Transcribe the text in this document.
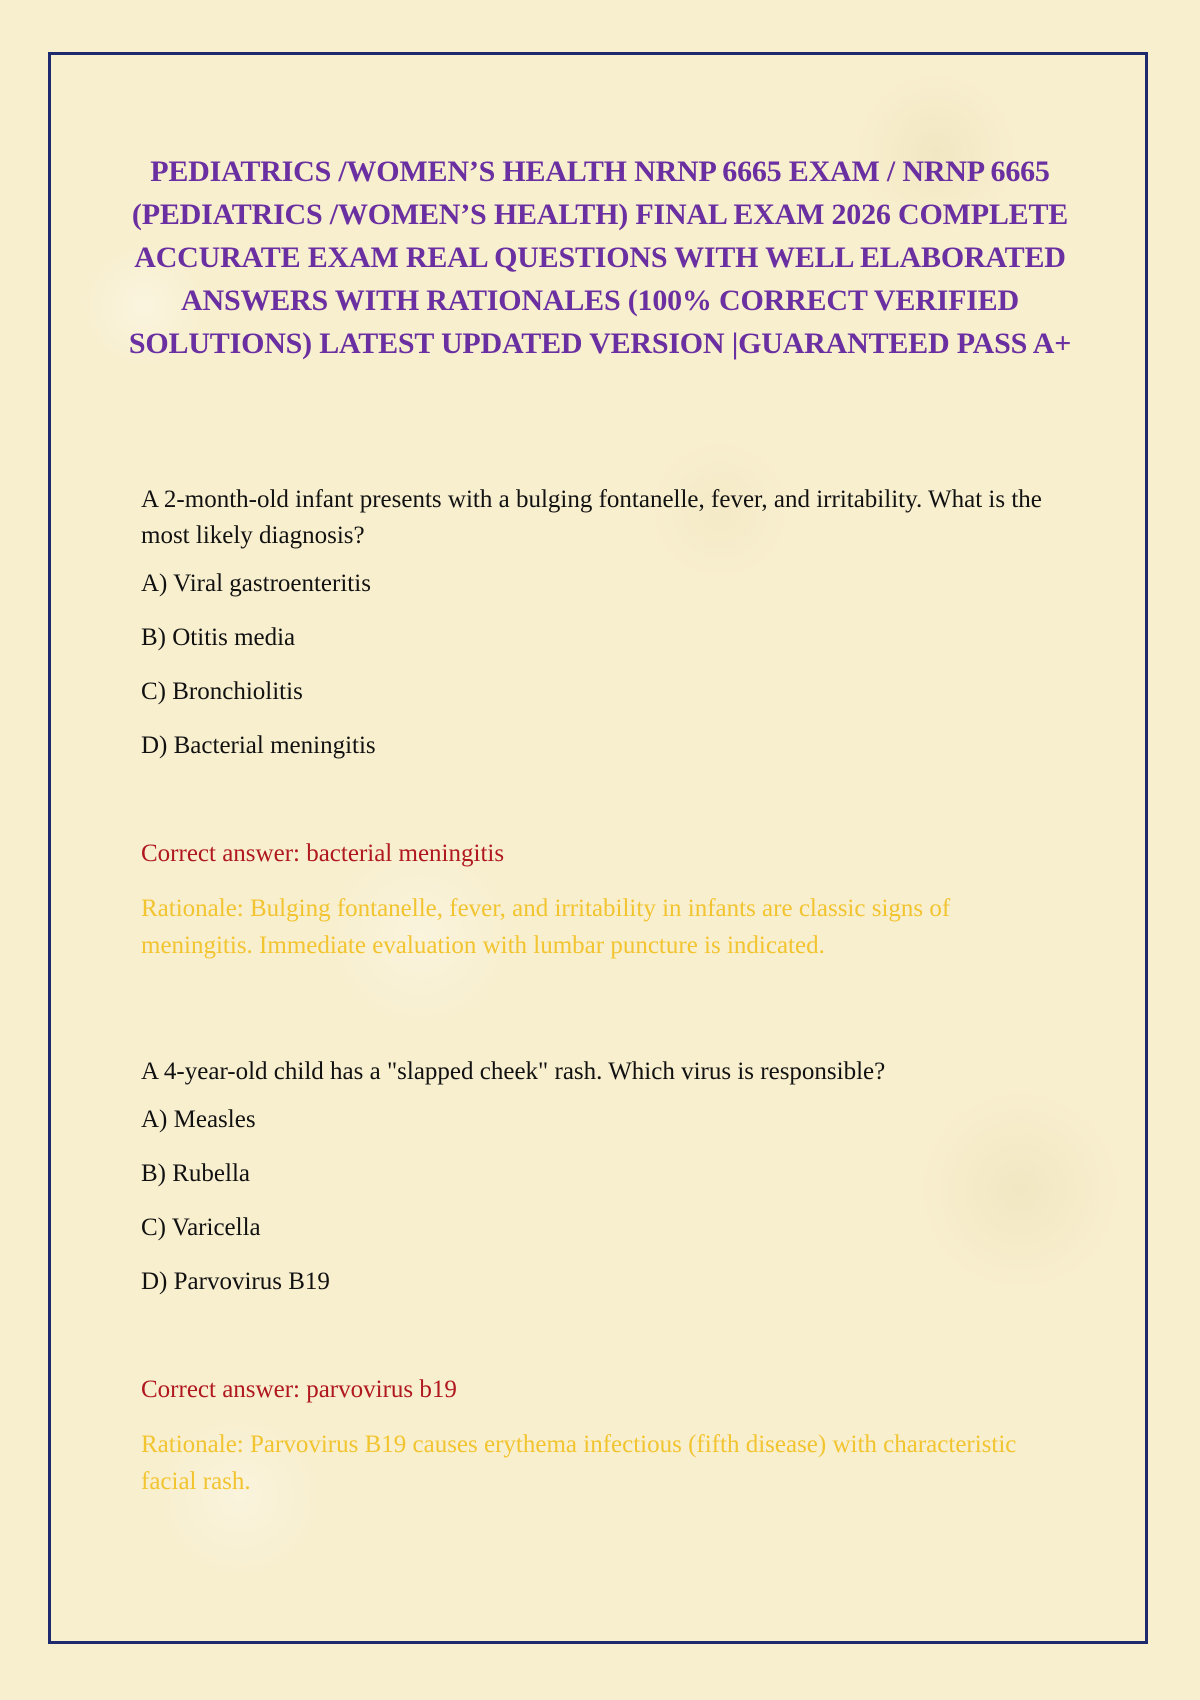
PEDIATRICS /WOMEN’S HEALTH NRNP 6665 EXAM / NRNP 6665 (PEDIATRICS /WOMEN’S HEALTH) FINAL EXAM 2026 COMPLETE ACCURATE EXAM REAL QUESTIONS WITH WELL ELABORATED ANSWERS WITH RATIONALES (100% CORRECT VERIFIED SOLUTIONS) LATEST UPDATED VERSION |GUARANTEED PASS A+

A 2-month-old infant presents with a bulging fontanelle, fever, and irritability. What is the most likely diagnosis?

A) Viral gastroenteritis
B) Otitis media
C) Bronchiolitis
D) Bacterial meningitis

Correct answer: bacterial meningitis

Rationale: Bulging fontanelle, fever, and irritability in infants are classic signs of meningitis. Immediate evaluation with lumbar puncture is indicated.

A 4-year-old child has a "slapped cheek" rash. Which virus is responsible?

A) Measles
B) Rubella
C) Varicella
D) Parvovirus B19

Correct answer: parvovirus b19

Rationale: Parvovirus B19 causes erythema infectious (fifth disease) with characteristic facial rash.
